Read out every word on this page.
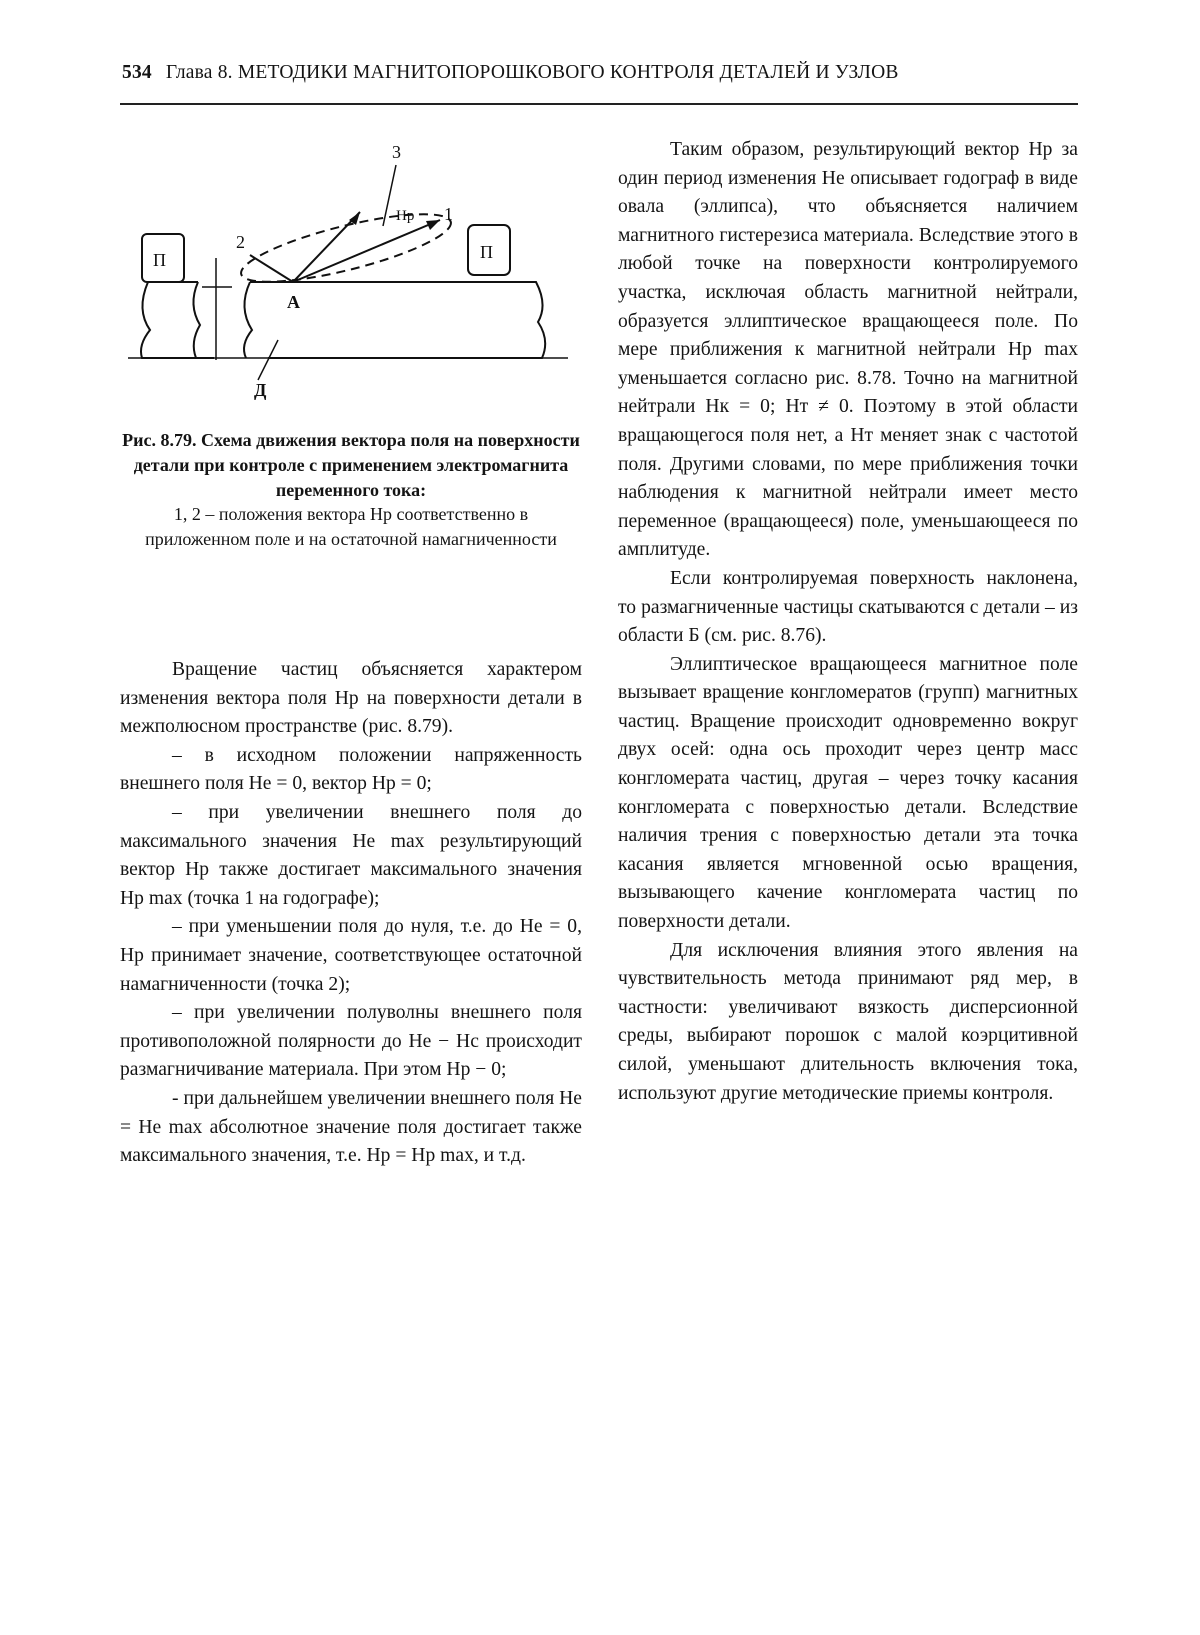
534 Глава 8. МЕТОДИКИ МАГНИТОПОРОШКОВОГО КОНТРОЛЯ ДЕТАЛЕЙ И УЗЛОВ
П	П
А
Д
1
2
3
Hp
Рис. 8.79. Схема движения вектора поля на поверхности детали при контроле с применением электромагнита переменного тока:
1, 2 – положения вектора Hp соответственно в приложенном поле и на остаточной намагниченности

Вращение частиц объясняется характером изменения вектора поля Hp на поверхности детали в межполюсном пространстве (рис. 8.79).

– в исходном положении напряженность внешнего поля He = 0, вектор Hp = 0;

– при увеличении внешнего поля до максимального значения He max результирующий вектор Hp также достигает максимального значения Hp max (точка 1 на годографе);

– при уменьшении поля до нуля, т.е. до He = 0, Hp принимает значение, соответствующее остаточной намагниченности (точка 2);

– при увеличении полуволны внешнего поля противоположной полярности до He − Hc происходит размагничивание материала. При этом Hp − 0;

- при дальнейшем увеличении внешнего поля He = He max абсолютное значение поля достигает также максимального значения, т.е. Hp = Hp max, и т.д.

Таким образом, результирующий вектор Hp за один период изменения He описывает годограф в виде овала (эллипса), что объясняется наличием магнитного гистерезиса материала. Вследствие этого в любой точке на поверхности контролируемого участка, исключая область магнитной нейтрали, образуется эллиптическое вращающееся поле. По мере приближения к магнитной нейтрали Hp max уменьшается согласно рис. 8.78. Точно на магнитной нейтрали Hк = 0; Hт ≠ 0. Поэтому в этой области вращающегося поля нет, а Hт меняет знак с частотой поля. Другими словами, по мере приближения точки наблюдения к магнитной нейтрали имеет место переменное (вращающееся) поле, уменьшающееся по амплитуде.

Если контролируемая поверхность наклонена, то размагниченные частицы скатываются с детали – из области Б (см. рис. 8.76).

Эллиптическое вращающееся магнитное поле вызывает вращение конгломератов (групп) магнитных частиц. Вращение происходит одновременно вокруг двух осей: одна ось проходит через центр масс конгломерата частиц, другая – через точку касания конгломерата с поверхностью детали. Вследствие наличия трения с поверхностью детали эта точка касания является мгновенной осью вращения, вызывающего качение конгломерата частиц по поверхности детали.

Для исключения влияния этого явления на чувствительность метода принимают ряд мер, в частности: увеличивают вязкость дисперсионной среды, выбирают порошок с малой коэрцитивной силой, уменьшают длительность включения тока, используют другие методические приемы контроля.
